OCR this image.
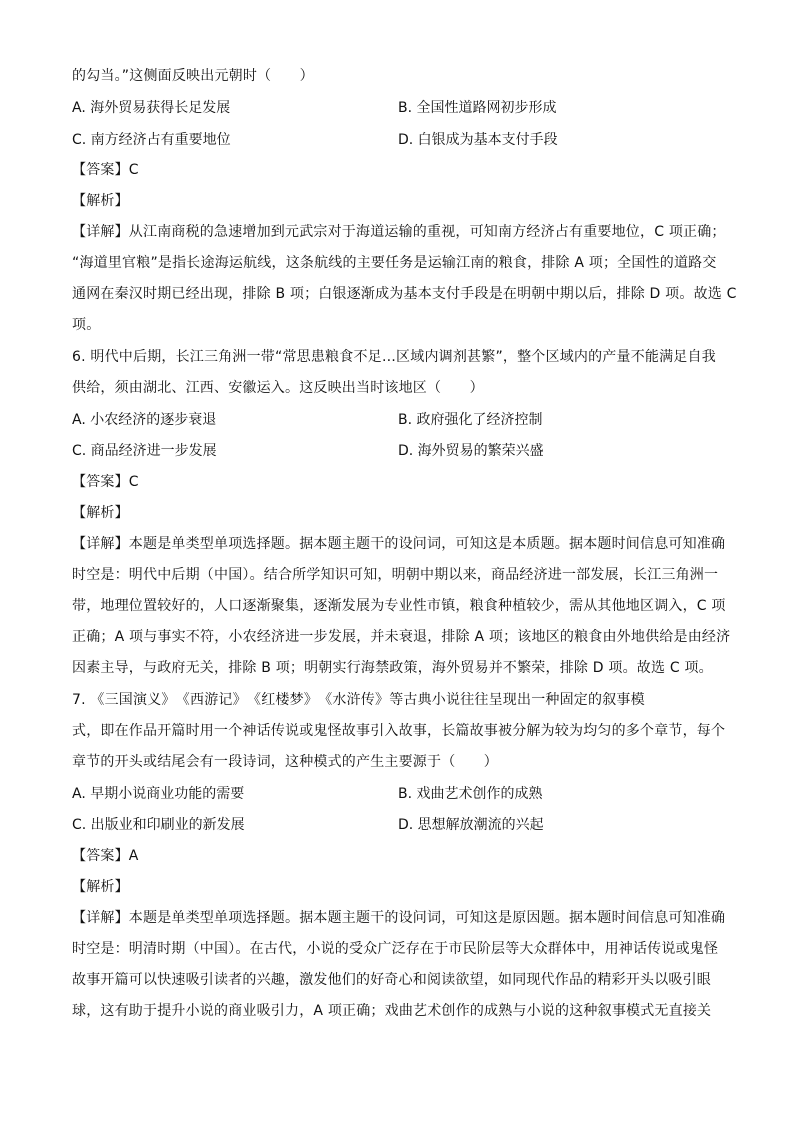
的勾当。”这侧面反映出元朝时（　　）
A. 海外贸易获得长足发展	B. 全国性道路网初步形成
C. 南方经济占有重要地位	D. 白银成为基本支付手段
【答案】C
【解析】
【详解】从江南商税的急速增加到元武宗对于海道运输的重视，可知南方经济占有重要地位，C 项正确；
“海道里官粮”是指长途海运航线，这条航线的主要任务是运输江南的粮食，排除 A 项；全国性的道路交
通网在秦汉时期已经出现，排除 B 项；白银逐渐成为基本支付手段是在明朝中期以后，排除 D 项。故选 C
项。
6. 明代中后期，长江三角洲一带“常思患粮食不足…区域内调剂甚繁”，整个区域内的产量不能满足自我
供给，须由湖北、江西、安徽运入。这反映出当时该地区（　　）
A. 小农经济的逐步衰退	B. 政府强化了经济控制
C. 商品经济进一步发展	D. 海外贸易的繁荣兴盛
【答案】C
【解析】
【详解】本题是单类型单项选择题。据本题主题干的设问词，可知这是本质题。据本题时间信息可知准确
时空是：明代中后期（中国）。结合所学知识可知，明朝中期以来，商品经济进一部发展，长江三角洲一
带，地理位置较好的，人口逐渐聚集，逐渐发展为专业性市镇，粮食种植较少，需从其他地区调入，C 项
正确；A 项与事实不符，小农经济进一步发展，并未衰退，排除 A 项；该地区的粮食由外地供给是由经济
因素主导，与政府无关，排除 B 项；明朝实行海禁政策，海外贸易并不繁荣，排除 D 项。故选 C 项。
7. 《三国演义》　《西游记》　《红楼梦》　《水浒传》等古典小说往往呈现出一种固定的叙事模
式，即在作品开篇时用一个神话传说或鬼怪故事引入故事，长篇故事被分解为较为均匀的多个章节，每个
章节的开头或结尾会有一段诗词，这种模式的产生主要源于（　　）
A. 早期小说商业功能的需要	B. 戏曲艺术创作的成熟
C. 出版业和印刷业的新发展	D. 思想解放潮流的兴起
【答案】A
【解析】
【详解】本题是单类型单项选择题。据本题主题干的设问词，可知这是原因题。据本题时间信息可知准确
时空是：明清时期（中国）。在古代，小说的受众广泛存在于市民阶层等大众群体中，用神话传说或鬼怪
故事开篇可以快速吸引读者的兴趣，激发他们的好奇心和阅读欲望，如同现代作品的精彩开头以吸引眼
球，这有助于提升小说的商业吸引力，A 项正确；戏曲艺术创作的成熟与小说的这种叙事模式无直接关
